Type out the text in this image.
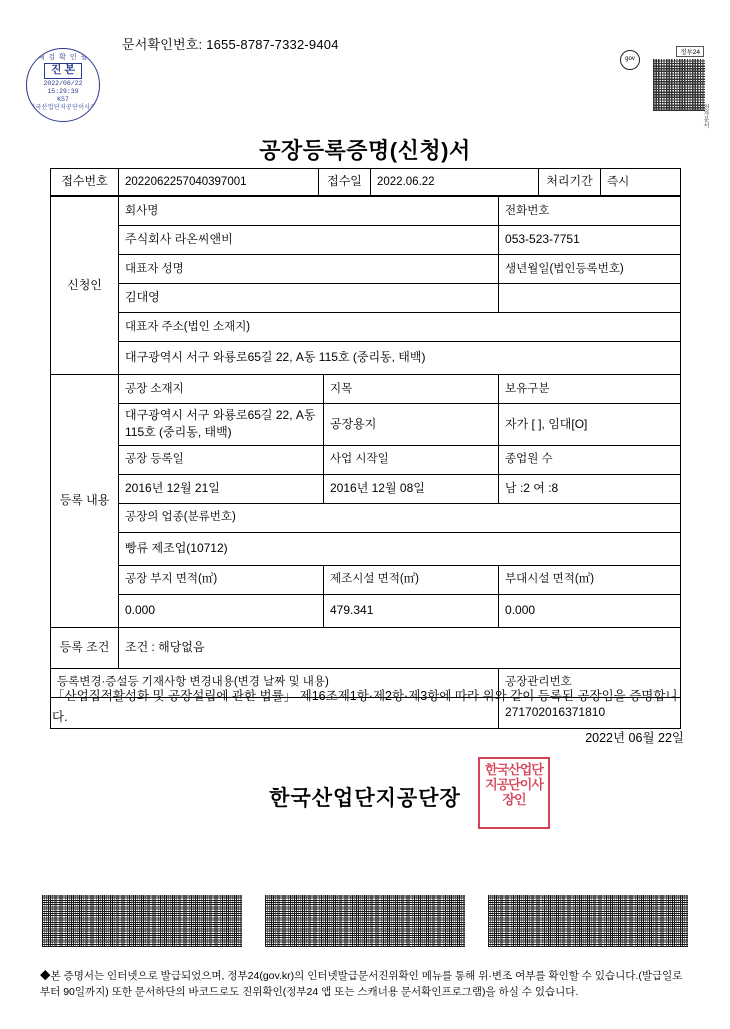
문서확인번호: 1655-8787-7332-9404
내 검 확 인 필
진 본
2022/06/22
15:29:39
KS7
한국산업단지공단이사장
gov
정부24
전자문서
공장등록증명(신청)서
접수번호	2022062257040397001	접수일	2022.06.22	처리기간	즉시
신청인	회사명		전화번호
	주식회사 라온씨앤비		053-523-7751
	대표자 성명		생년월일(법인등록번호)
	김대영		
	대표자 주소(법인 소재지)		
	대구광역시 서구 와룡로65길 22, A동 115호 (중리동, 태백)		
등록 내용	공장 소재지	지목	보유구분
	대구광역시 서구 와룡로65길 22, A동 115호 (중리동, 태백)	공장용지	자가 [ ], 임대[O]
	공장 등록일	사업 시작일	종업원 수
	2016년 12월 21일	2016년 12월 08일	남 :2 여 :8
	공장의 업종(분류번호)		
	빵류 제조업(10712)		
	공장 부지 면적(㎡)	제조시설 면적(㎡)	부대시설 면적(㎡)
	0.000	479.341	0.000
등록 조건	조건 : 해당없음		
등록변경·증설등 기재사항 변경내용(변경 날짜 및 내용)			공장관리번호
			271702016371810
「산업집적활성화 및 공장설립에 관한 법률」 제16조제1항·제2항·제3항에 따라 위와 같이 등록된 공장임을 증명합니다.
2022년 06월 22일
한국산업단지공단장
한국산업단지공단이사장인
◆본 증명서는 인터넷으로 발급되었으며, 정부24(gov.kr)의 인터넷발급문서진위확인 메뉴를 통해 위·변조 여부를 확인할 수 있습니다.(발급일로부터 90일까지) 또한 문서하단의 바코드로도 진위확인(정부24 앱 또는 스캐너용 문서확인프로그램)을 하실 수 있습니다.
